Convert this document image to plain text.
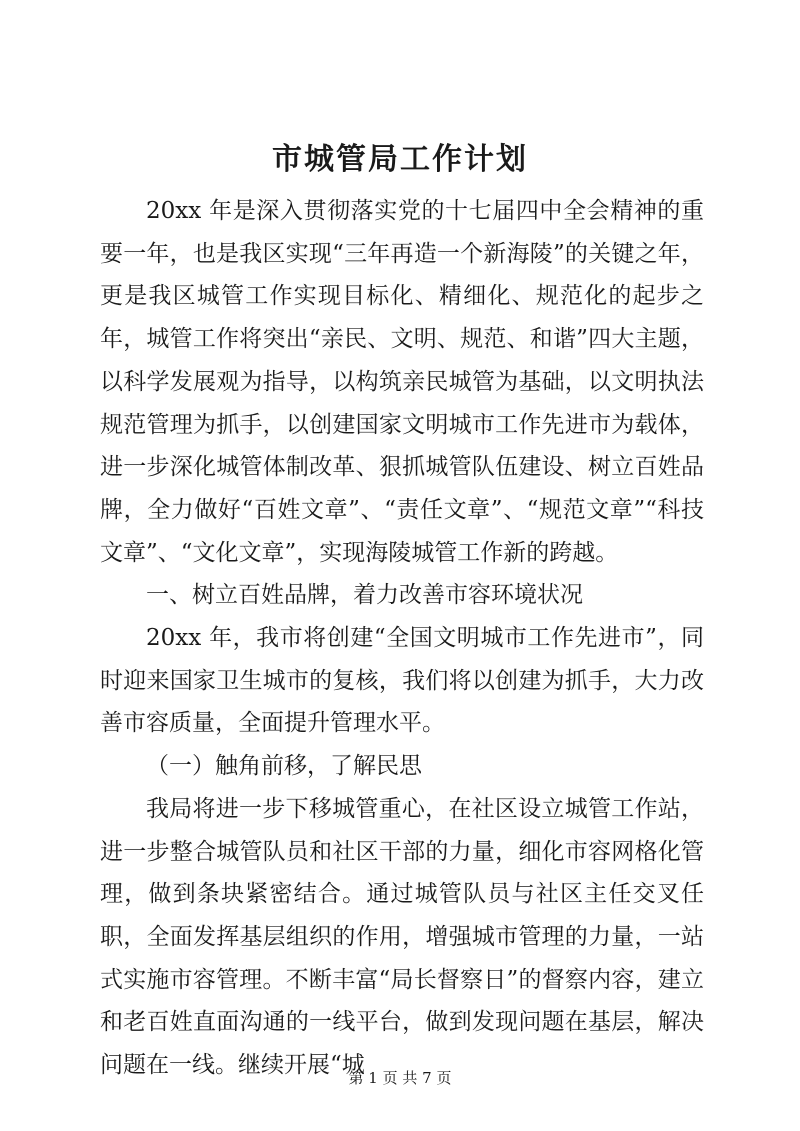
市城管局工作计划

20xx 年是深入贯彻落实党的十七届四中全会精神的重要一年，也是我区实现“三年再造一个新海陵”的关键之年，更是我区城管工作实现目标化、精细化、规范化的起步之年，城管工作将突出“亲民、文明、规范、和谐”四大主题，以科学发展观为指导，以构筑亲民城管为基础，以文明执法规范管理为抓手，以创建国家文明城市工作先进市为载体，进一步深化城管体制改革、狠抓城管队伍建设、树立百姓品牌，全力做好“百姓文章”、“责任文章”、“规范文章”“科技文章”、“文化文章”，实现海陵城管工作新的跨越。

一、树立百姓品牌，着力改善市容环境状况

20xx 年，我市将创建“全国文明城市工作先进市”，同时迎来国家卫生城市的复核，我们将以创建为抓手，大力改善市容质量，全面提升管理水平。

（一）触角前移，了解民思

我局将进一步下移城管重心，在社区设立城管工作站，进一步整合城管队员和社区干部的力量，细化市容网格化管理，做到条块紧密结合。通过城管队员与社区主任交叉任职，全面发挥基层组织的作用，增强城市管理的力量，一站式实施市容管理。不断丰富“局长督察日”的督察内容，建立和老百姓直面沟通的一线平台，做到发现问题在基层，解决问题在一线。继续开展“城

第 1 页 共 7 页
